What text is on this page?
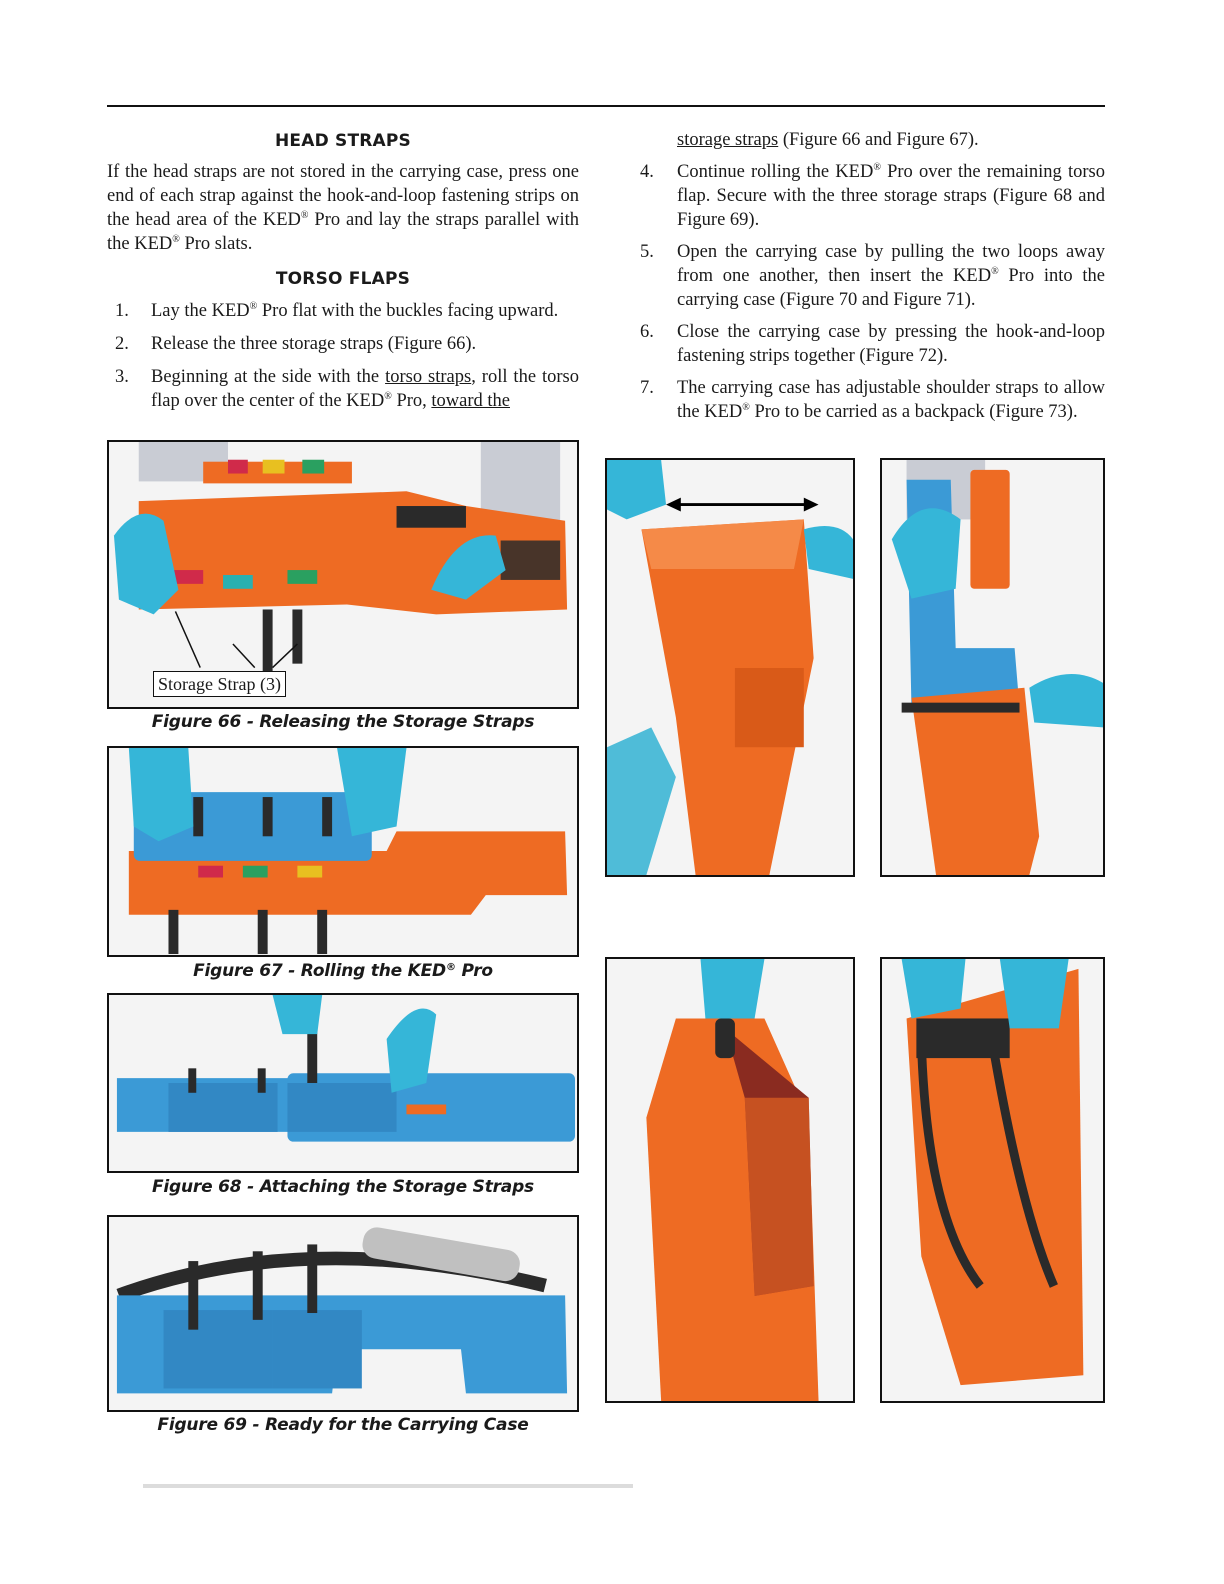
HEAD STRAPS

If the head straps are not stored in the carrying case, press one end of each strap against the hook-and-loop fastening strips on the head area of the KED® Pro and lay the straps parallel with the KED® Pro slats.

TORSO FLAPS
1. Lay the KED® Pro flat with the buckles facing upward.
2. Release the three storage straps (Figure 66).
3. Beginning at the side with the torso straps, roll the torso flap over the center of the KED® Pro, toward the
storage straps (Figure 66 and Figure 67).
4. Continue rolling the KED® Pro over the remaining torso flap. Secure with the three storage straps (Figure 68 and Figure 69).
5. Open the carrying case by pulling the two loops away from one another, then insert the KED® Pro into the carrying case (Figure 70 and Figure 71).
6. Close the carrying case by pressing the hook-and-loop fastening strips together (Figure 72).
7. The carrying case has adjustable shoulder straps to allow the KED® Pro to be carried as a backpack (Figure 73).
Storage Strap (3)
Figure 66 - Releasing the Storage Straps
Figure 67 - Rolling the KED® Pro
Figure 68 - Attaching the Storage Straps
Figure 69 - Ready for the Carrying Case
